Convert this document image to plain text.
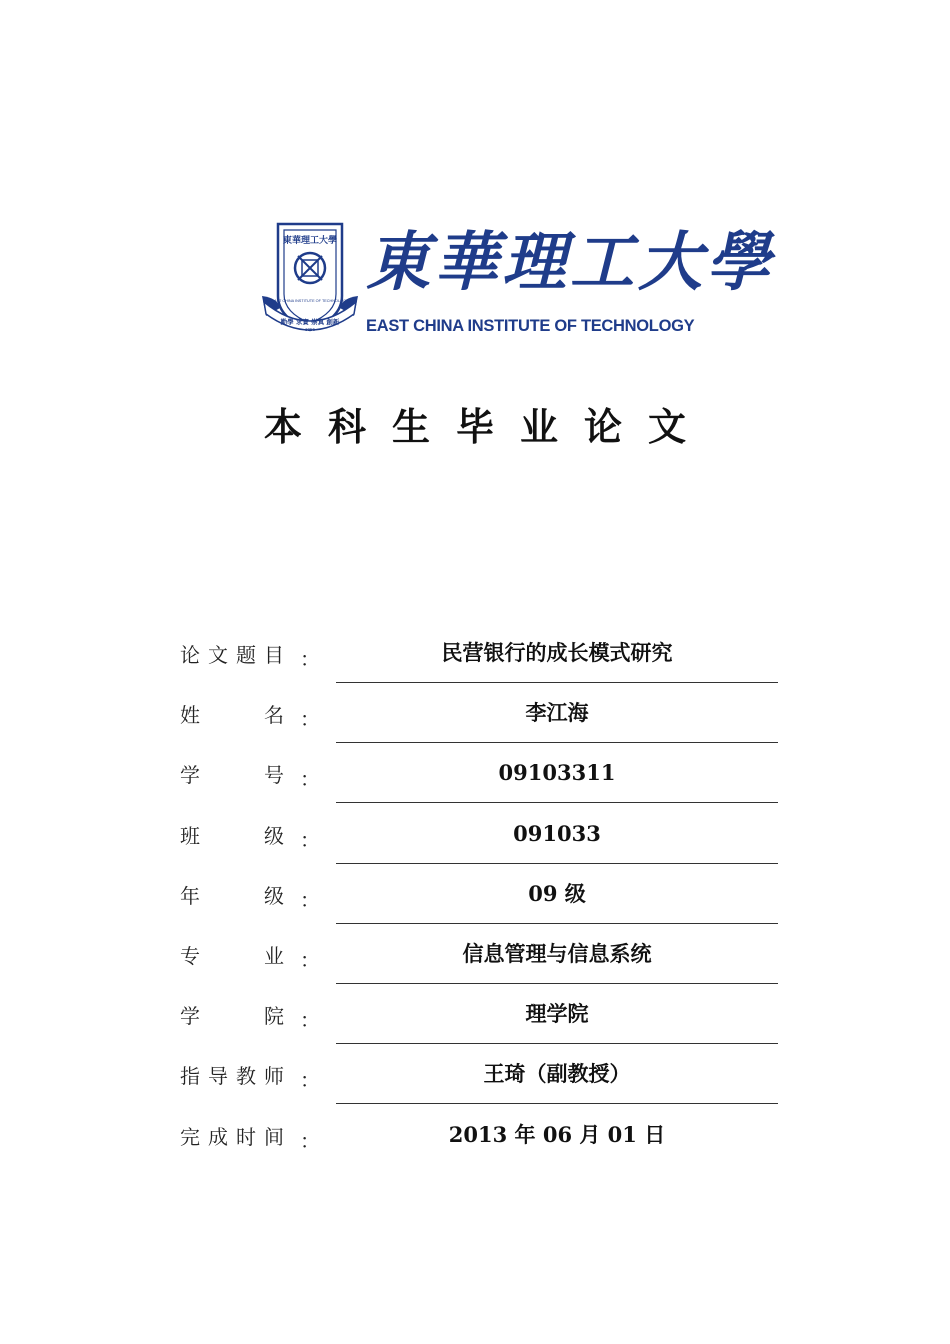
東華理工大學
EAST CHINA INSTITUTE OF TECHNOLOGY
勤學 求實 崇真 創新
1956
東華理工大學
EAST CHINA INSTITUTE OF TECHNOLOGY
本科生毕业论文
论 文 题 目 ：	民营银行的成长模式研究
姓	名 ：	李江海
学	号 ：	09103311
班	级 ：	091033
年	级 ：	09 级
专	业 ：	信息管理与信息系统
学	院 ：	理学院
指 导 教 师 ：	王琦（副教授）
完 成 时 间 ：	2013 年 06 月 01 日
